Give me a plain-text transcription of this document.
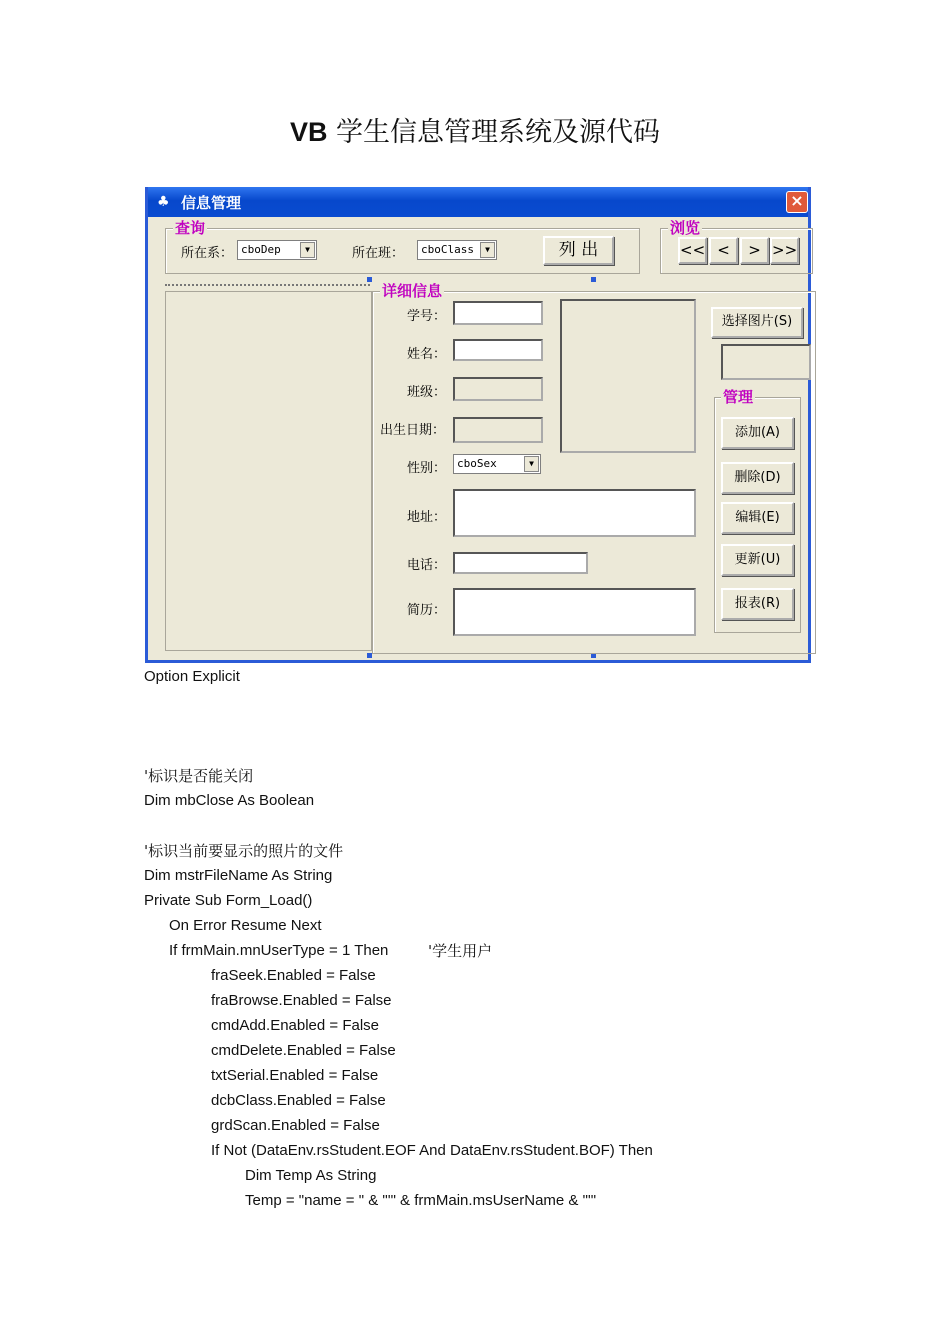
VB 学生信息管理系统及源代码
♣ 信息管理	×
查询
所在系： cboDep	▼	所在班：	cboClass	▼	列 出
浏览
<< <	> >>
详细信息
学号：
姓名：
班级：
出生日期：
性别： cboSex	▼
地址：
电话：
简历：
选择图片(S)
管理
添加(A)
删除(D)
编辑(E)
更新(U)
报表(R)
Option Explicit
'标识是否能关闭
Dim mbClose As Boolean
'标识当前要显示的照片的文件
Dim mstrFileName As String
Private Sub Form_Load()
On Error Resume Next
If frmMain.mnUserType = 1 Then
fraSeek.Enabled = False
fraBrowse.Enabled = False
cmdAdd.Enabled = False
cmdDelete.Enabled = False
txtSerial.Enabled = False
dcbClass.Enabled = False
grdScan.Enabled = False
If Not (DataEnv.rsStudent.EOF And DataEnv.rsStudent.BOF) Then
Dim Temp As String
Temp = "name = " & "'" & frmMain.msUserName & "'"
'学生用户
